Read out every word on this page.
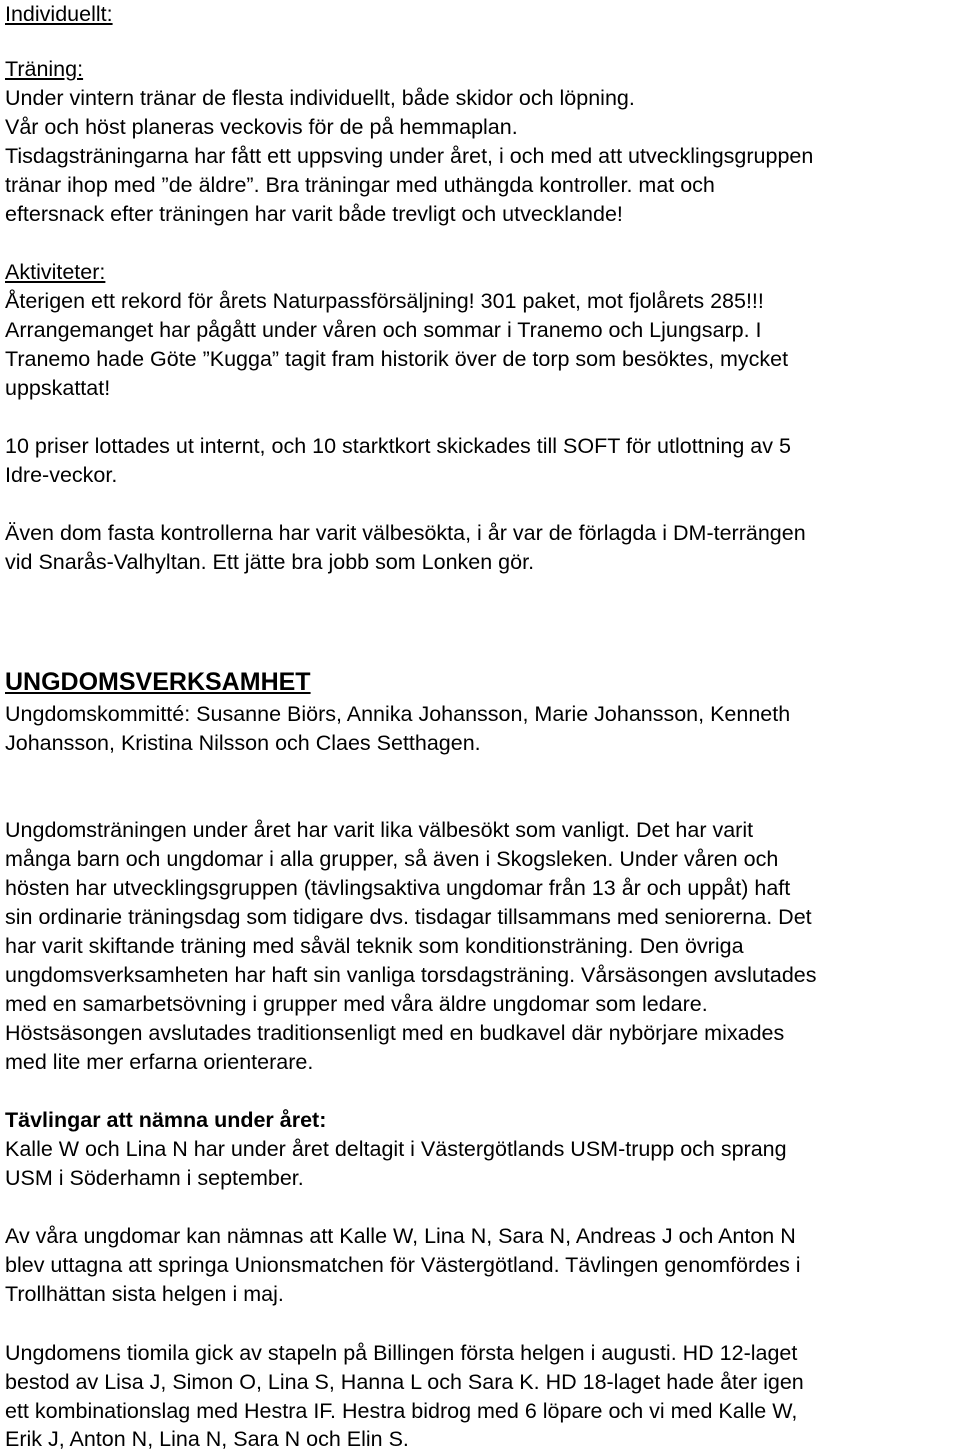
Individuellt:
Träning:
Under vintern tränar de flesta individuellt, både skidor och löpning.
Vår och höst planeras veckovis för de på hemmaplan.
Tisdagsträningarna har fått ett uppsving under året, i och med att utvecklingsgruppen
tränar ihop med ”de äldre”. Bra träningar med uthängda kontroller. mat och
eftersnack efter träningen har varit både trevligt och utvecklande!
Aktiviteter:
Återigen ett rekord för årets Naturpassförsäljning! 301 paket, mot fjolårets 285!!!
Arrangemanget har pågått under våren och sommar i Tranemo och Ljungsarp. I
Tranemo hade Göte ”Kugga” tagit fram historik över de torp som besöktes, mycket
uppskattat!
10 priser lottades ut internt, och 10 starktkort skickades till SOFT för utlottning av 5
Idre-veckor.
Även dom fasta kontrollerna har varit välbesökta, i år var de förlagda i DM-terrängen
vid Snarås-Valhyltan. Ett jätte bra jobb som Lonken gör.
UNGDOMSVERKSAMHET
Ungdomskommitté: Susanne Biörs, Annika Johansson, Marie Johansson, Kenneth
Johansson, Kristina Nilsson och Claes Setthagen.
Ungdomsträningen under året har varit lika välbesökt som vanligt. Det har varit
många barn och ungdomar i alla grupper, så även i Skogsleken. Under våren och
hösten har utvecklingsgruppen (tävlingsaktiva ungdomar från 13 år och uppåt) haft
sin ordinarie träningsdag som tidigare dvs. tisdagar tillsammans med seniorerna. Det
har varit skiftande träning med såväl teknik som konditionsträning. Den övriga
ungdomsverksamheten har haft sin vanliga torsdagsträning. Vårsäsongen avslutades
med en samarbetsövning i grupper med våra äldre ungdomar som ledare.
Höstsäsongen avslutades traditionsenligt med en budkavel där nybörjare mixades
med lite mer erfarna orienterare.
Tävlingar att nämna under året:
Kalle W och Lina N har under året deltagit i Västergötlands USM-trupp och sprang
USM i Söderhamn i september.
Av våra ungdomar kan nämnas att Kalle W, Lina N, Sara N, Andreas J och Anton N
blev uttagna att springa Unionsmatchen för Västergötland. Tävlingen genomfördes i
Trollhättan sista helgen i maj.
Ungdomens tiomila gick av stapeln på Billingen första helgen i augusti. HD 12-laget
bestod av Lisa J, Simon O, Lina S, Hanna L och Sara K. HD 18-laget hade åter igen
ett kombinationslag med Hestra IF. Hestra bidrog med 6 löpare och vi med Kalle W,
Erik J, Anton N, Lina N, Sara N och Elin S.
